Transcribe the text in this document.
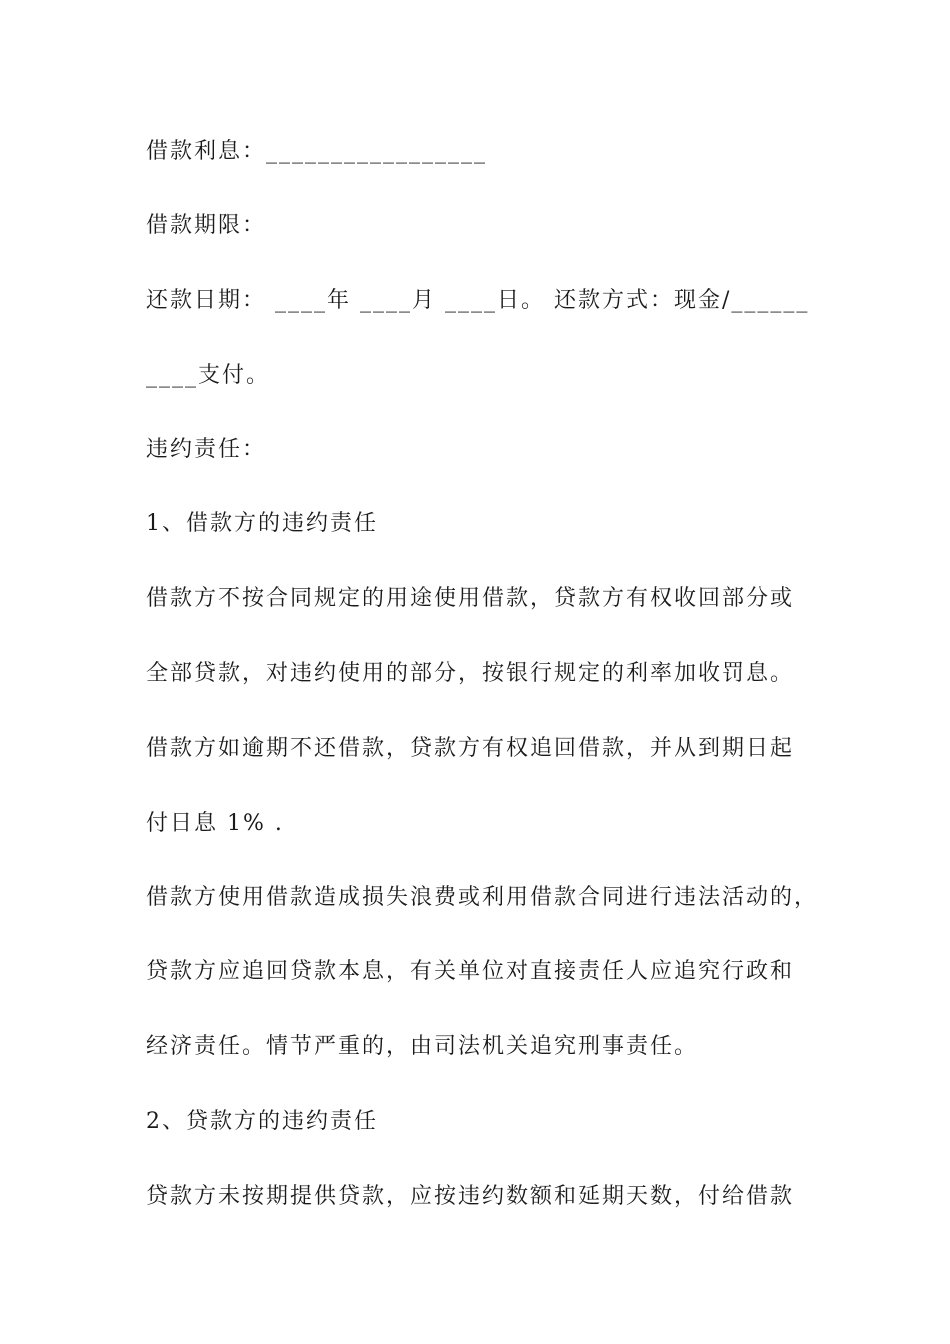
借款利息：_________________
借款期限：
还款日期： ____年 ____月 ____日。 还款方式：现金/______
____支付。
违约责任：
1、借款方的违约责任
借款方不按合同规定的用途使用借款，贷款方有权收回部分或
全部贷款，对违约使用的部分，按银行规定的利率加收罚息。
借款方如逾期不还借款，贷款方有权追回借款，并从到期日起
付日息 1% .
借款方使用借款造成损失浪费或利用借款合同进行违法活动的，
贷款方应追回贷款本息，有关单位对直接责任人应追究行政和
经济责任。情节严重的，由司法机关追究刑事责任。
2、贷款方的违约责任
贷款方未按期提供贷款，应按违约数额和延期天数，付给借款
